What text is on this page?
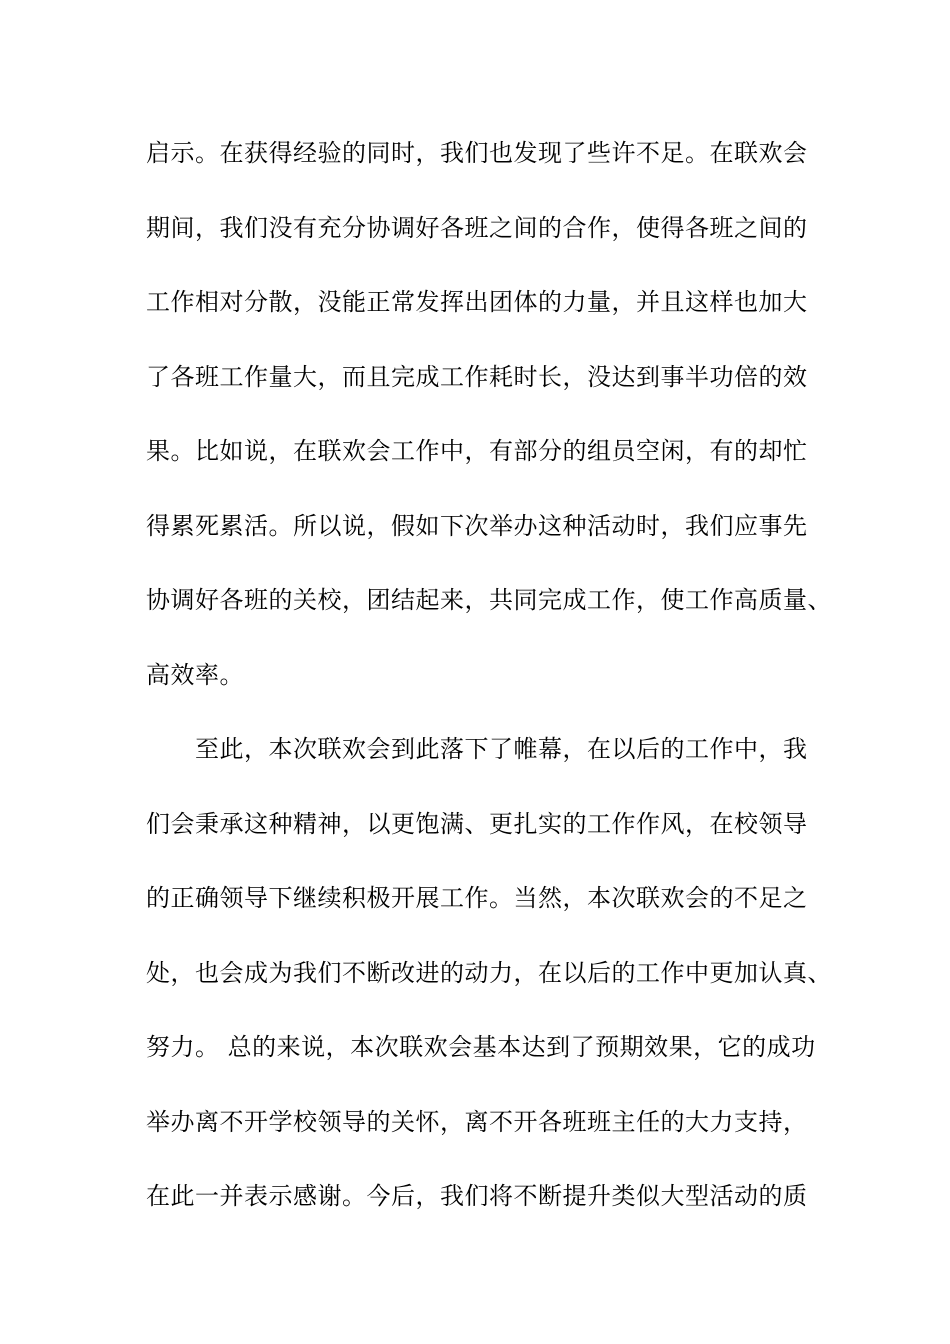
启示。在获得经验的同时，我们也发现了些许不足。在联欢会
期间，我们没有充分协调好各班之间的合作，使得各班之间的
工作相对分散，没能正常发挥出团体的力量，并且这样也加大
了各班工作量大，而且完成工作耗时长，没达到事半功倍的效
果。比如说，在联欢会工作中，有部分的组员空闲，有的却忙
得累死累活。所以说，假如下次举办这种活动时，我们应事先
协调好各班的关校，团结起来，共同完成工作，使工作高质量、
高效率。
　　至此，本次联欢会到此落下了帷幕，在以后的工作中，我
们会秉承这种精神，以更饱满、更扎实的工作作风，在校领导
的正确领导下继续积极开展工作。当然，本次联欢会的不足之
处，也会成为我们不断改进的动力，在以后的工作中更加认真、
努力。 总的来说，本次联欢会基本达到了预期效果，它的成功
举办离不开学校领导的关怀，离不开各班班主任的大力支持，
在此一并表示感谢。今后，我们将不断提升类似大型活动的质
